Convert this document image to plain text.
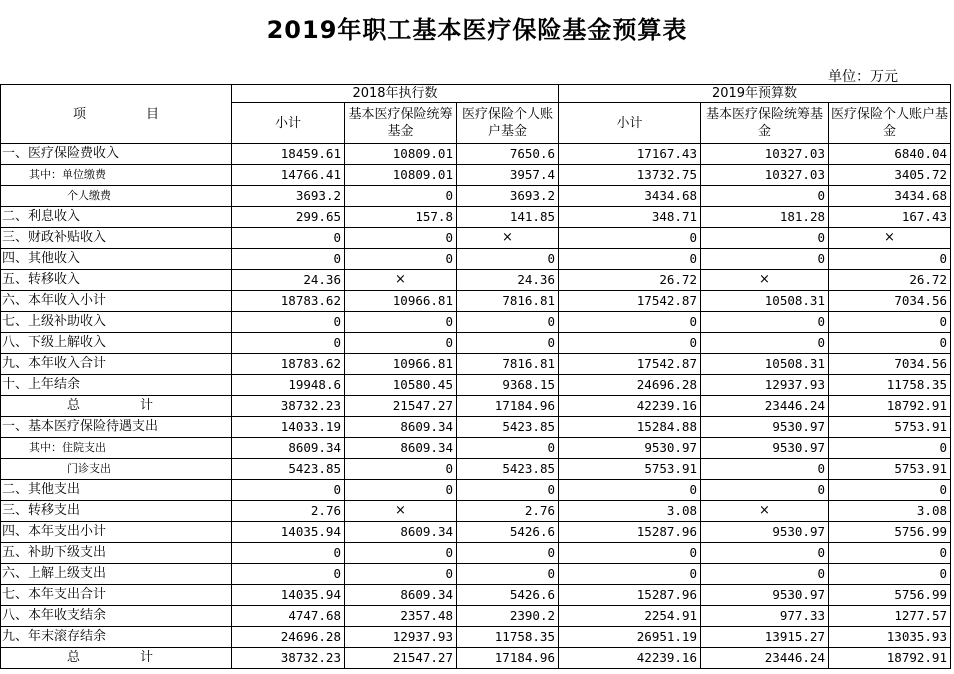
2019年职工基本医疗保险基金预算表
单位：万元
项 目	2018年执行数			2019年预算数		
	小计	基本医疗保险统筹基金	医疗保险个人账户基金	小计	基本医疗保险统筹基金	医疗保险个人账户基金
一、医疗保险费收入	18459.61	10809.01	7650.6	17167.43	10327.03	6840.04
其中：单位缴费	14766.41	10809.01	3957.4	13732.75	10327.03	3405.72
个人缴费	3693.2	0	3693.2	3434.68	0	3434.68
二、利息收入	299.65	157.8	141.85	348.71	181.28	167.43
三、财政补贴收入	0	0	×	0	0	×
四、其他收入	0	0	0	0	0	0
五、转移收入	24.36	×	24.36	26.72	×	26.72
六、本年收入小计	18783.62	10966.81	7816.81	17542.87	10508.31	7034.56
七、上级补助收入	0	0	0	0	0	0
八、下级上解收入	0	0	0	0	0	0
九、本年收入合计	18783.62	10966.81	7816.81	17542.87	10508.31	7034.56
十、上年结余	19948.6	10580.45	9368.15	24696.28	12937.93	11758.35
总 计	38732.23	21547.27	17184.96	42239.16	23446.24	18792.91
一、基本医疗保险待遇支出	14033.19	8609.34	5423.85	15284.88	9530.97	5753.91
其中：住院支出	8609.34	8609.34	0	9530.97	9530.97	0
门诊支出	5423.85	0	5423.85	5753.91	0	5753.91
二、其他支出	0	0	0	0	0	0
三、转移支出	2.76	×	2.76	3.08	×	3.08
四、本年支出小计	14035.94	8609.34	5426.6	15287.96	9530.97	5756.99
五、补助下级支出	0	0	0	0	0	0
六、上解上级支出	0	0	0	0	0	0
七、本年支出合计	14035.94	8609.34	5426.6	15287.96	9530.97	5756.99
八、本年收支结余	4747.68	2357.48	2390.2	2254.91	977.33	1277.57
九、年末滚存结余	24696.28	12937.93	11758.35	26951.19	13915.27	13035.93
总 计	38732.23	21547.27	17184.96	42239.16	23446.24	18792.91
